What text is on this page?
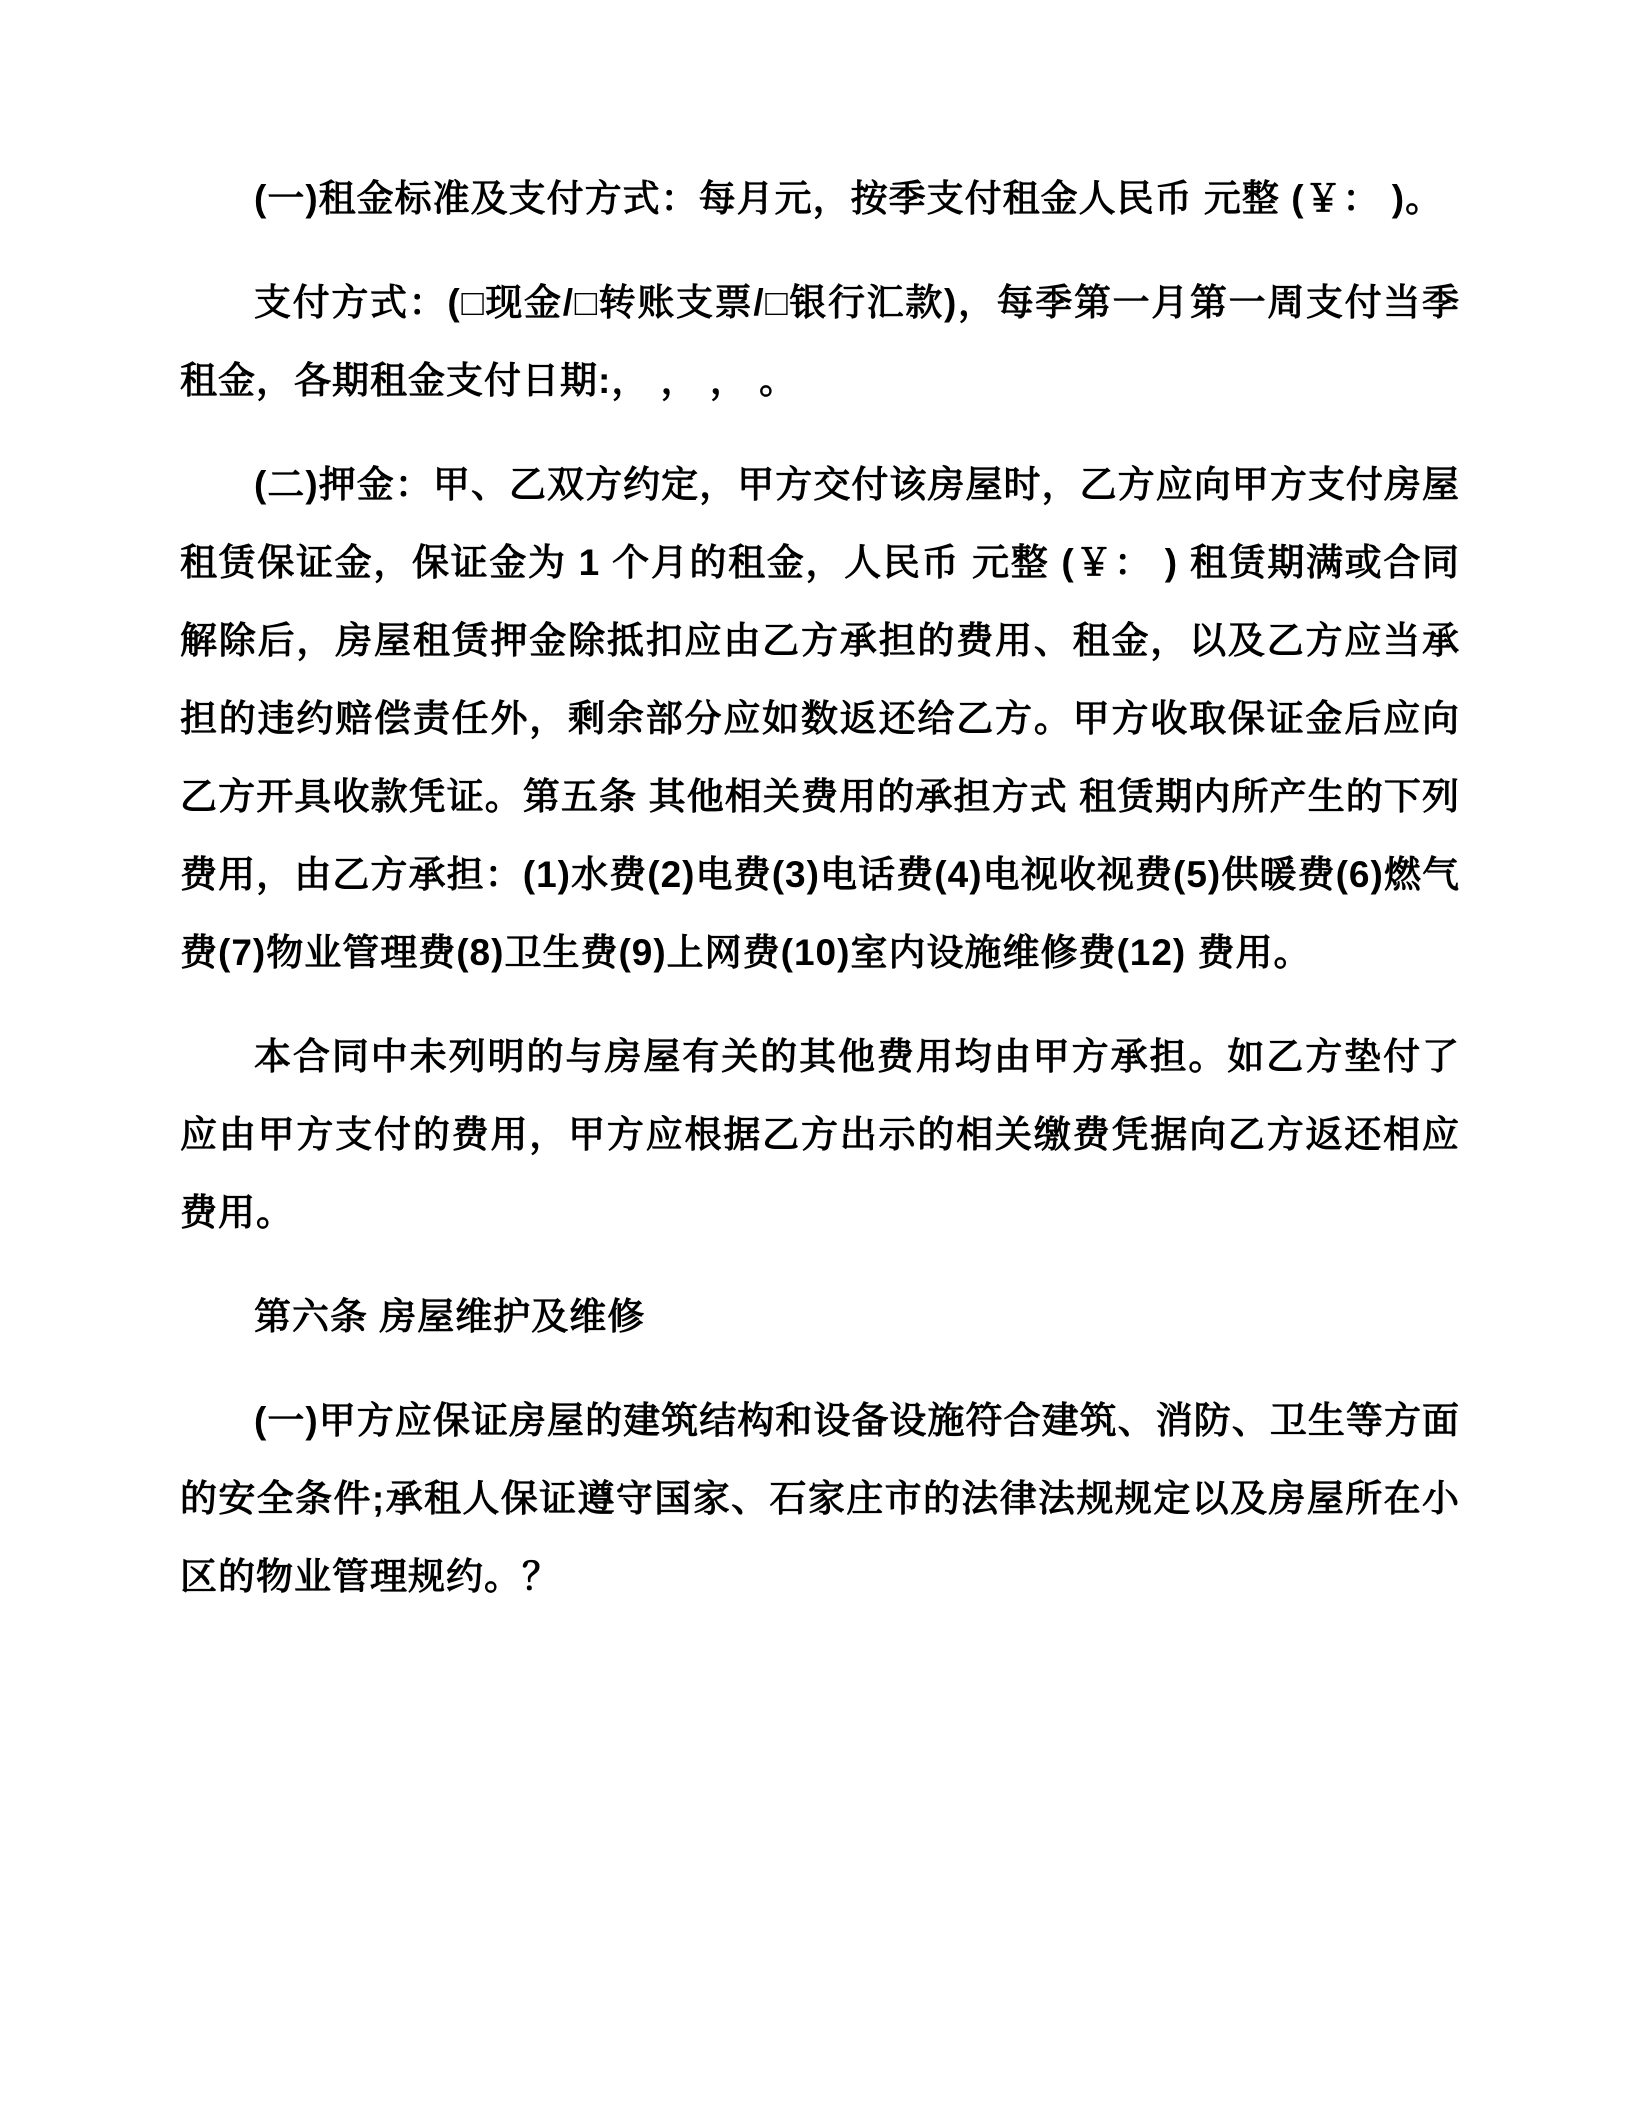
(一)租金标准及支付方式：每月元，按季支付租金人民币 元整 (￥： )。

支付方式：(□现金/□转账支票/□银行汇款)，每季第一月第一周支付当季租金，各期租金支付日期:， ， ， 。

(二)押金：甲、乙双方约定，甲方交付该房屋时，乙方应向甲方支付房屋租赁保证金，保证金为 1 个月的租金，人民币 元整 (￥： ) 租赁期满或合同解除后，房屋租赁押金除抵扣应由乙方承担的费用、租金，以及乙方应当承担的违约赔偿责任外，剩余部分应如数返还给乙方。甲方收取保证金后应向乙方开具收款凭证。第五条 其他相关费用的承担方式 租赁期内所产生的下列费用，由乙方承担：(1)水费(2)电费(3)电话费(4)电视收视费(5)供暖费(6)燃气费(7)物业管理费(8)卫生费(9)上网费(10)室内设施维修费(12) 费用。

本合同中未列明的与房屋有关的其他费用均由甲方承担。如乙方垫付了应由甲方支付的费用，甲方应根据乙方出示的相关缴费凭据向乙方返还相应费用。

第六条 房屋维护及维修

(一)甲方应保证房屋的建筑结构和设备设施符合建筑、消防、卫生等方面的安全条件;承租人保证遵守国家、石家庄市的法律法规规定以及房屋所在小区的物业管理规约。？
